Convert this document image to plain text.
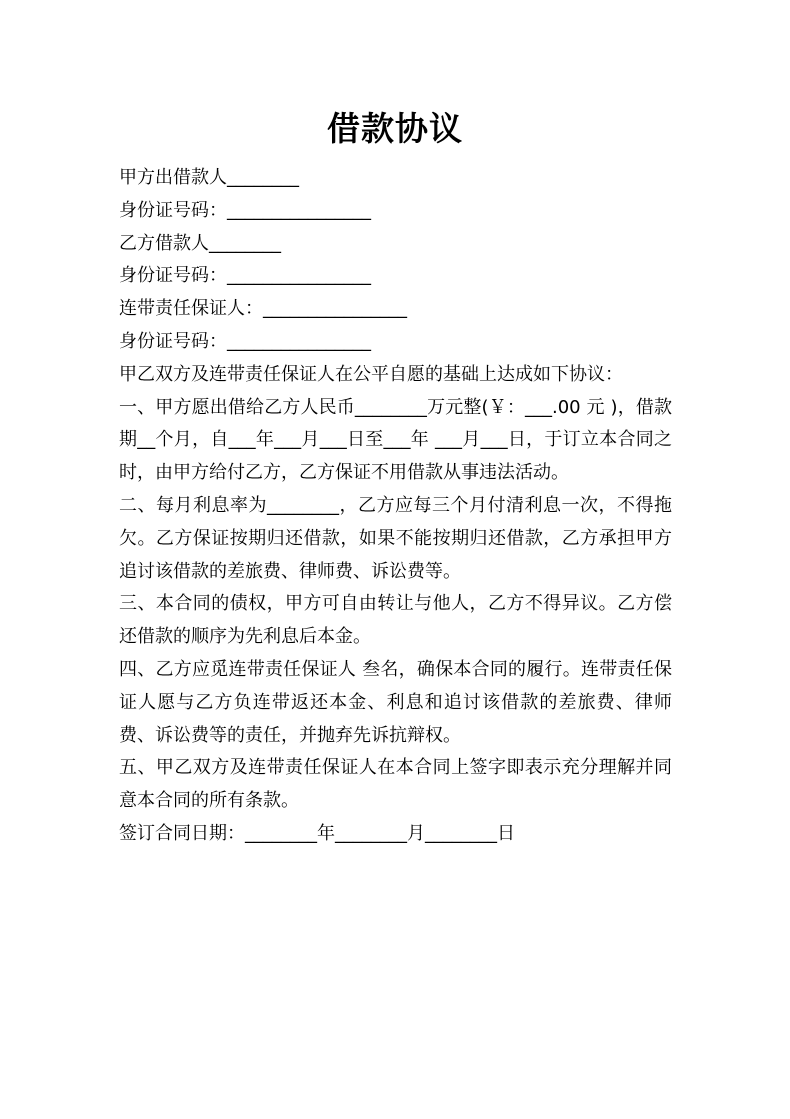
借款协议
甲方出借款人________
身份证号码：________________
乙方借款人________
身份证号码：________________
连带责任保证人：________________
身份证号码：________________
甲乙双方及连带责任保证人在公平自愿的基础上达成如下协议：
一、甲方愿出借给乙方人民币________万元整(￥：___.00 元 )，借款期__个月，自___年___月___日至___年 ___月___日，于订立本合同之时，由甲方给付乙方，乙方保证不用借款从事违法活动。
二、每月利息率为________，乙方应每三个月付清利息一次，不得拖欠。乙方保证按期归还借款，如果不能按期归还借款，乙方承担甲方追讨该借款的差旅费、律师费、诉讼费等。
三、本合同的债权，甲方可自由转让与他人，乙方不得异议。乙方偿还借款的顺序为先利息后本金。
四、乙方应觅连带责任保证人 叁名，确保本合同的履行。连带责任保证人愿与乙方负连带返还本金、利息和追讨该借款的差旅费、律师费、诉讼费等的责任，并抛弃先诉抗辩权。
五、甲乙双方及连带责任保证人在本合同上签字即表示充分理解并同意本合同的所有条款。
签订合同日期：________年________月________日
